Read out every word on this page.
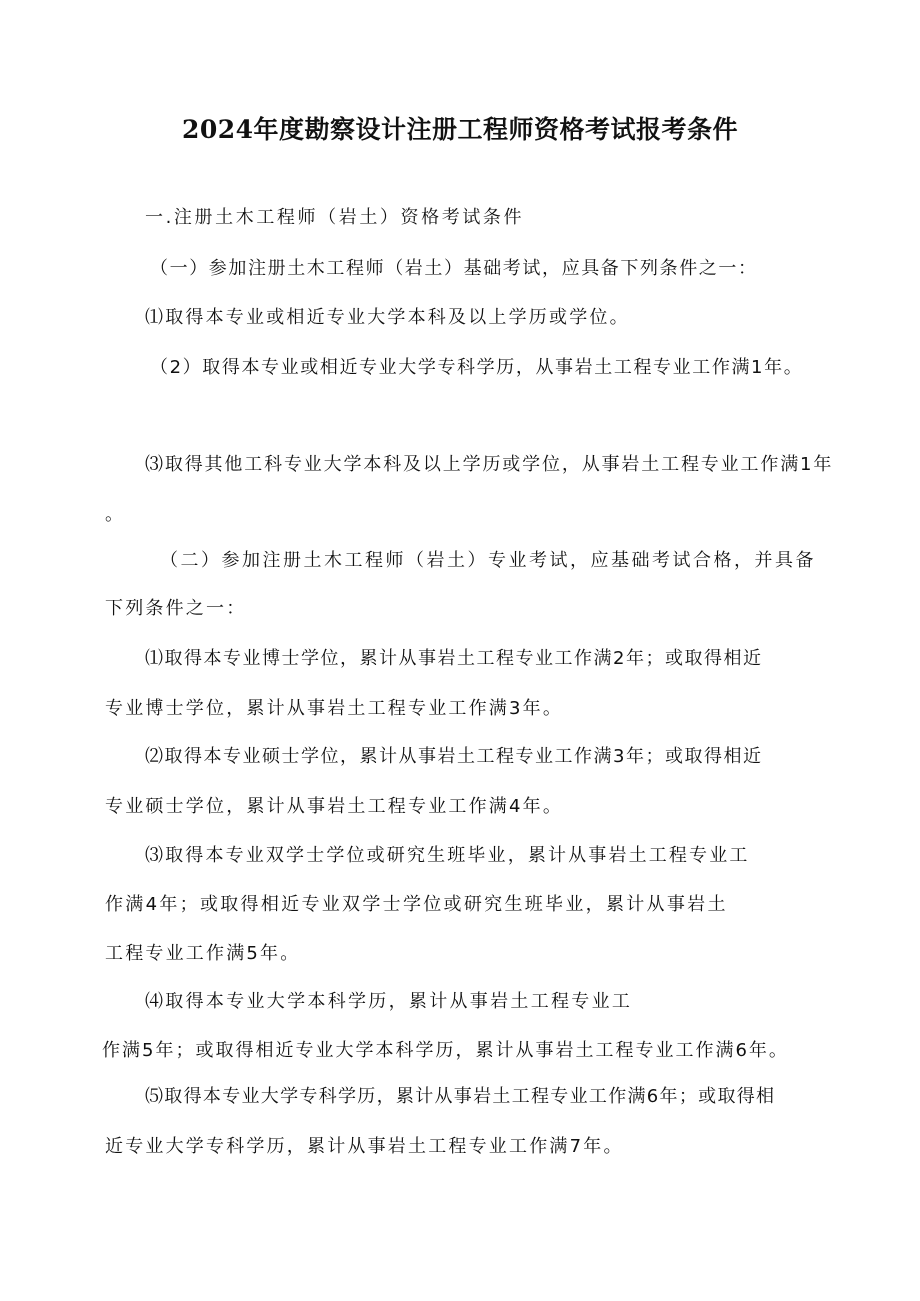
2024年度勘察设计注册工程师资格考试报考条件

一.注册土木工程师（岩土）资格考试条件

（一）参加注册土木工程师（岩土）基础考试，应具备下列条件之一：

⑴取得本专业或相近专业大学本科及以上学历或学位。

（2）取得本专业或相近专业大学专科学历，从事岩土工程专业工作满1年。

⑶取得其他工科专业大学本科及以上学历或学位，从事岩土工程专业工作满1年
。

（二）参加注册土木工程师（岩土）专业考试，应基础考试合格，并具备
下列条件之一：

⑴取得本专业博士学位，累计从事岩土工程专业工作满2年；或取得相近
专业博士学位，累计从事岩土工程专业工作满3年。

⑵取得本专业硕士学位，累计从事岩土工程专业工作满3年；或取得相近
专业硕士学位，累计从事岩土工程专业工作满4年。

⑶取得本专业双学士学位或研究生班毕业，累计从事岩土工程专业工
作满4年；或取得相近专业双学士学位或研究生班毕业，累计从事岩土
工程专业工作满5年。

⑷取得本专业大学本科学历，累计从事岩土工程专业工
作满5年；或取得相近专业大学本科学历，累计从事岩土工程专业工作满6年。

⑸取得本专业大学专科学历，累计从事岩土工程专业工作满6年；或取得相
近专业大学专科学历，累计从事岩土工程专业工作满7年。
